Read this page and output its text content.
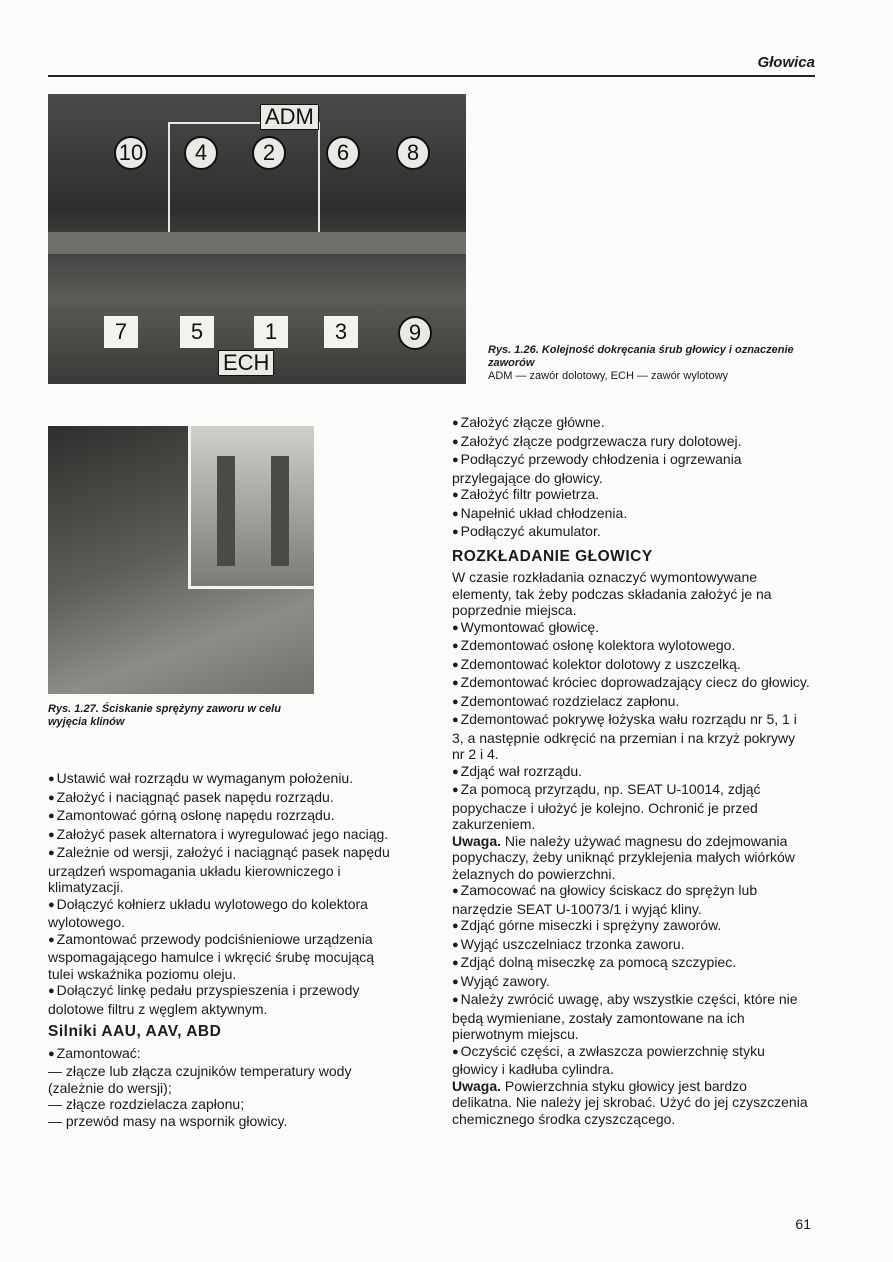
Głowica
ADM
ECH
10	4	2	6	8
7	5	1	3	9
Rys. 1.26. Kolejność dokręcania śrub głowicy i oznaczenie zaworów
ADM — zawór dolotowy, ECH — zawór wylotowy
Rys. 1.27. Ściskanie sprężyny zaworu w celu wyjęcia klinów

● Ustawić wał rozrządu w wymaganym położeniu.

● Założyć i naciągnąć pasek napędu rozrządu.

● Zamontować górną osłonę napędu rozrządu.

● Założyć pasek alternatora i wyregulować jego naciąg.

● Zależnie od wersji, założyć i naciągnąć pasek napędu urządzeń wspomagania układu kierowniczego i klimatyzacji.

● Dołączyć kołnierz układu wylotowego do kolektora wylotowego.

● Zamontować przewody podciśnieniowe urządzenia wspomagającego hamulce i wkręcić śrubę mocującą tulei wskaźnika poziomu oleju.

● Dołączyć linkę pedału przyspieszenia i przewody dolotowe filtru z węglem aktywnym.

Silniki AAU, AAV, ABD

● Zamontować:

— złącze lub złącza czujników temperatury wody (zależnie do wersji);

— złącze rozdzielacza zapłonu;

— przewód masy na wspornik głowicy.

● Założyć złącze główne.

● Założyć złącze podgrzewacza rury dolotowej.

● Podłączyć przewody chłodzenia i ogrzewania przylegające do głowicy.

● Założyć filtr powietrza.

● Napełnić układ chłodzenia.

● Podłączyć akumulator.

ROZKŁADANIE GŁOWICY

W czasie rozkładania oznaczyć wymontowywane elementy, tak żeby podczas składania założyć je na poprzednie miejsca.

● Wymontować głowicę.

● Zdemontować osłonę kolektora wylotowego.

● Zdemontować kolektor dolotowy z uszczelką.

● Zdemontować króciec doprowadzający ciecz do głowicy.

● Zdemontować rozdzielacz zapłonu.

● Zdemontować pokrywę łożyska wału rozrządu nr 5, 1 i 3, a następnie odkręcić na przemian i na krzyż pokrywy nr 2 i 4.

● Zdjąć wał rozrządu.

● Za pomocą przyrządu, np. SEAT U-10014, zdjąć popychacze i ułożyć je kolejno. Ochronić je przed zakurzeniem.

Uwaga. Nie należy używać magnesu do zdejmowania popychaczy, żeby uniknąć przyklejenia małych wiórków żelaznych do powierzchni.

● Zamocować na głowicy ściskacz do sprężyn lub narzędzie SEAT U-10073/1 i wyjąć kliny.

● Zdjąć górne miseczki i sprężyny zaworów.

● Wyjąć uszczelniacz trzonka zaworu.

● Zdjąć dolną miseczkę za pomocą szczypiec.

● Wyjąć zawory.

● Należy zwrócić uwagę, aby wszystkie części, które nie będą wymieniane, zostały zamontowane na ich pierwotnym miejscu.

● Oczyścić części, a zwłaszcza powierzchnię styku głowicy i kadłuba cylindra.

Uwaga. Powierzchnia styku głowicy jest bardzo delikatna. Nie należy jej skrobać. Użyć do jej czyszczenia chemicznego środka czyszczącego.

61
